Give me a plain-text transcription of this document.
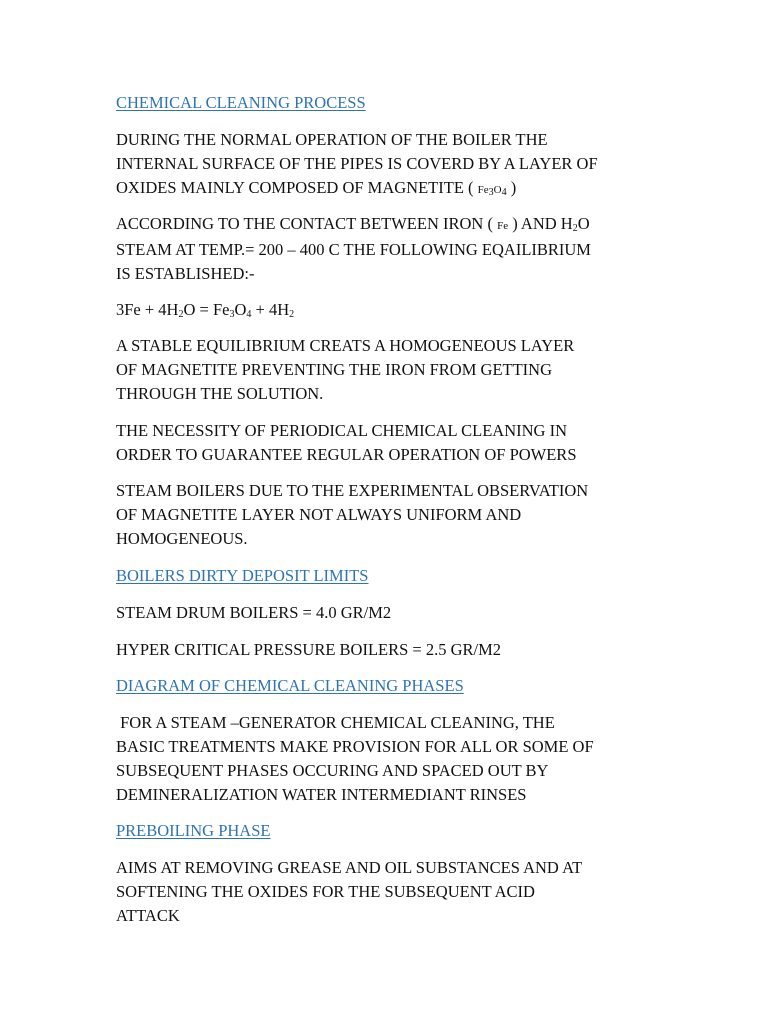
CHEMICAL CLEANING PROCESS

DURING THE NORMAL OPERATION OF THE BOILER THE
INTERNAL SURFACE OF THE PIPES IS COVERD BY A LAYER OF
OXIDES MAINLY COMPOSED OF MAGNETITE ( $Fe_3O_4$ )
ACCORDING TO THE CONTACT BETWEEN IRON ( Fe ) AND $H_2O$
STEAM AT TEMP.= 200 – 400 C THE FOLLOWING EQAILIBRIUM
IS ESTABLISHED:-
$3Fe + 4H_2O = Fe_3O_4 + 4H_2$
A STABLE EQUILIBRIUM CREATS A HOMOGENEOUS LAYER
OF MAGNETITE PREVENTING THE IRON FROM GETTING
THROUGH THE SOLUTION.
THE NECESSITY OF PERIODICAL CHEMICAL CLEANING IN
ORDER TO GUARANTEE REGULAR OPERATION OF POWERS
STEAM BOILERS DUE TO THE EXPERIMENTAL OBSERVATION
OF MAGNETITE LAYER NOT ALWAYS UNIFORM AND
HOMOGENEOUS.

BOILERS DIRTY DEPOSIT LIMITS

STEAM DRUM BOILERS = 4.0 GR/M2

HYPER CRITICAL PRESSURE BOILERS = 2.5 GR/M2

DIAGRAM OF CHEMICAL CLEANING PHASES

FOR A STEAM –GENERATOR CHEMICAL CLEANING, THE
BASIC TREATMENTS MAKE PROVISION FOR ALL OR SOME OF
SUBSEQUENT PHASES OCCURING AND SPACED OUT BY
DEMINERALIZATION WATER INTERMEDIANT RINSES

PREBOILING PHASE

AIMS AT REMOVING GREASE AND OIL SUBSTANCES AND AT
SOFTENING THE OXIDES FOR THE SUBSEQUENT ACID
ATTACK
